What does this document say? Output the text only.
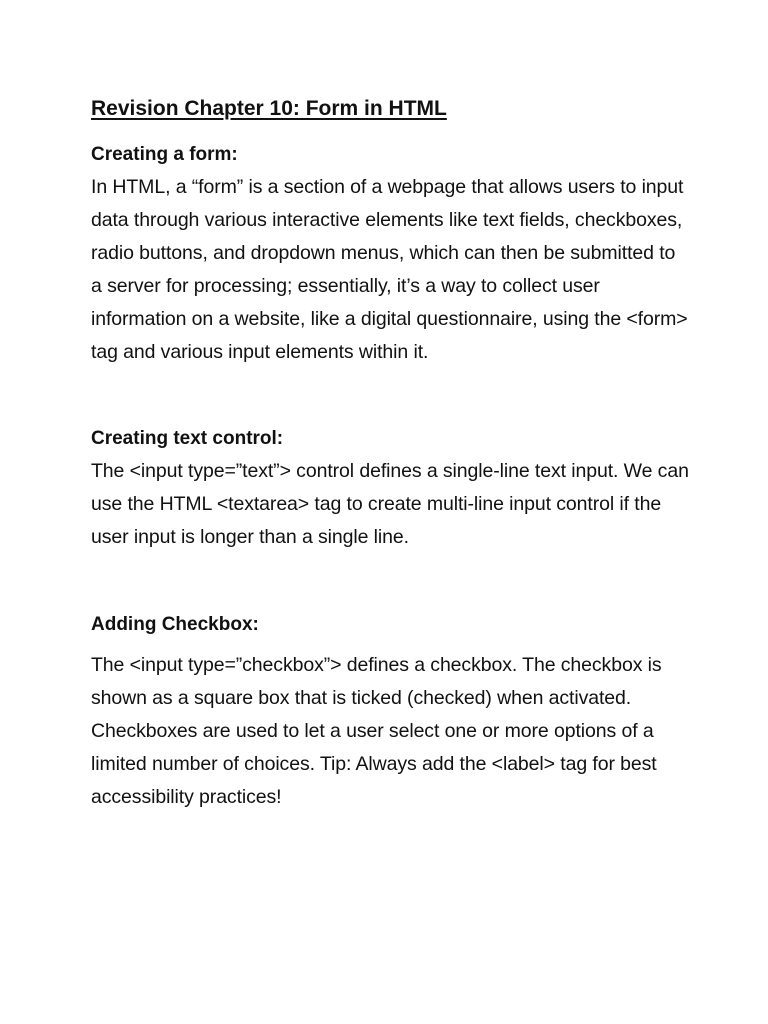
Revision Chapter 10: Form in HTML
Creating a form:

In HTML, a “form” is a section of a webpage that allows users to input data through various interactive elements like text fields, checkboxes, radio buttons, and dropdown menus, which can then be submitted to a server for processing; essentially, it’s a way to collect user information on a website, like a digital questionnaire, using the <form> tag and various input elements within it.

Creating text control:

The <input type=”text”> control defines a single-line text input. We can use the HTML <textarea> tag to create multi-line input control if the user input is longer than a single line.

Adding Checkbox:

The <input type=”checkbox”> defines a checkbox. The checkbox is shown as a square box that is ticked (checked) when activated. Checkboxes are used to let a user select one or more options of a limited number of choices. Tip: Always add the <label> tag for best accessibility practices!
